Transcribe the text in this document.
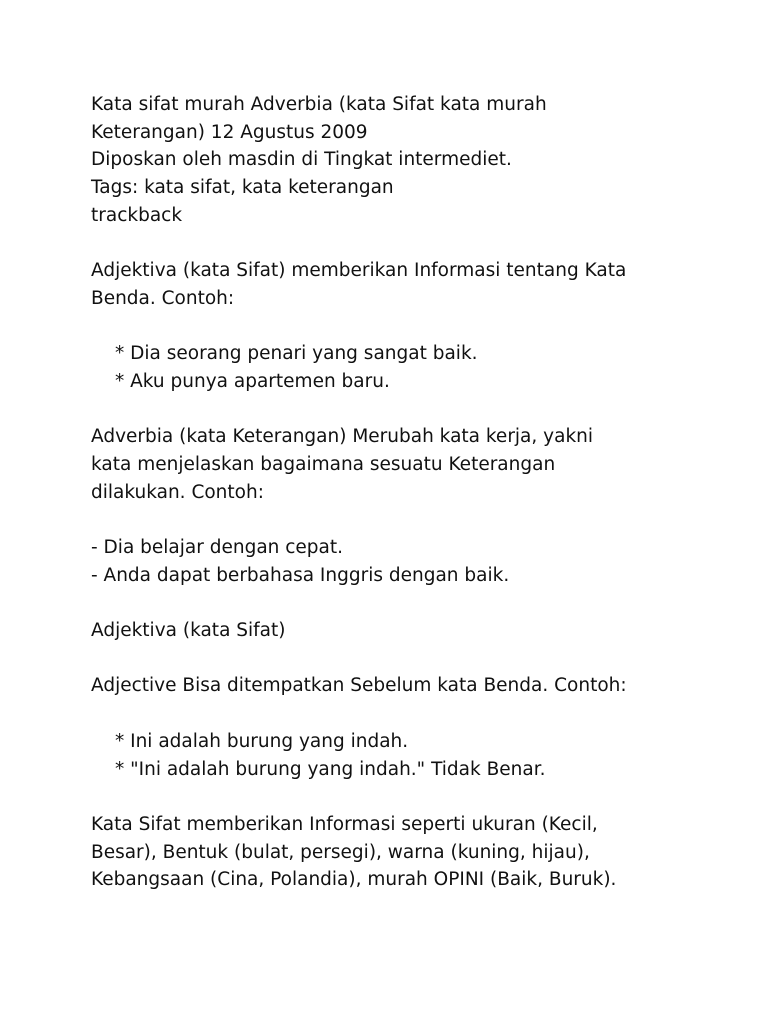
Kata sifat murah Adverbia (kata Sifat kata murah
Keterangan) 12 Agustus 2009
Diposkan oleh masdin di Tingkat intermediet.
Tags: kata sifat, kata keterangan
trackback
Adjektiva (kata Sifat) memberikan Informasi tentang Kata
Benda. Contoh:
* Dia seorang penari yang sangat baik.
* Aku punya apartemen baru.
Adverbia (kata Keterangan) Merubah kata kerja, yakni
kata menjelaskan bagaimana sesuatu Keterangan
dilakukan. Contoh:
- Dia belajar dengan cepat.
- Anda dapat berbahasa Inggris dengan baik.
Adjektiva (kata Sifat)
Adjective Bisa ditempatkan Sebelum kata Benda. Contoh:
* Ini adalah burung yang indah.
* "Ini adalah burung yang indah." Tidak Benar.
Kata Sifat memberikan Informasi seperti ukuran (Kecil,
Besar), Bentuk (bulat, persegi), warna (kuning, hijau),
Kebangsaan (Cina, Polandia), murah OPINI (Baik, Buruk).
